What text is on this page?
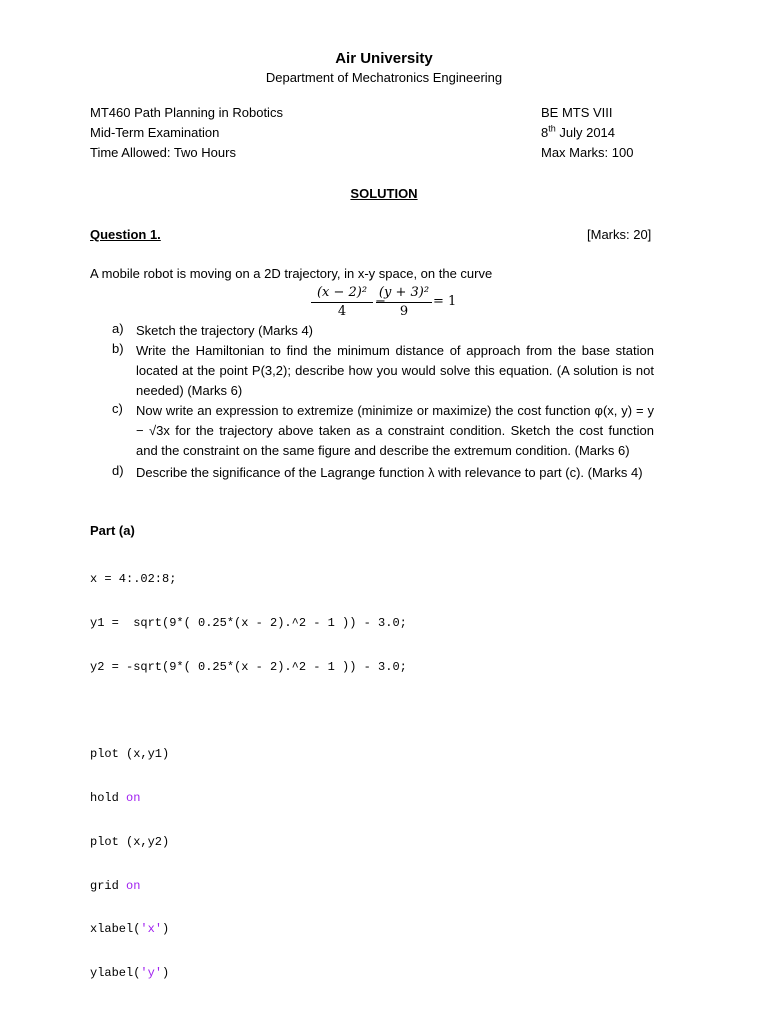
Air University
Department of Mechatronics Engineering
MT460 Path Planning in Robotics	BE MTS VIII
Mid-Term Examination	8th July 2014
Time Allowed: Two Hours	Max Marks: 100
SOLUTION
Question 1.	[Marks: 20]
A mobile robot is moving on a 2D trajectory, in x-y space, on the curve
(x − 2)²
4
−
(y + 3)²
9
= 1
a) Sketch the trajectory (Marks 4)
b) Write the Hamiltonian to find the minimum distance of approach from the base station located at the point P(3,2); describe how you would solve this equation. (A solution is not needed) (Marks 6)
c) Now write an expression to extremize (minimize or maximize) the cost function φ(x, y) = y − √3x for the trajectory above taken as a constraint condition. Sketch the cost function and the constraint on the same figure and describe the extremum condition. (Marks 6)
d) Describe the significance of the Lagrange function λ with relevance to part (c). (Marks 4)
Part (a)

x = 4:.02:8;

y1 =  sqrt(9*( 0.25*(x - 2).^2 - 1 )) - 3.0;

y2 = -sqrt(9*( 0.25*(x - 2).^2 - 1 )) - 3.0;

plot (x,y1)

hold on

plot (x,y2)

grid on

xlabel('x')

ylabel('y')
